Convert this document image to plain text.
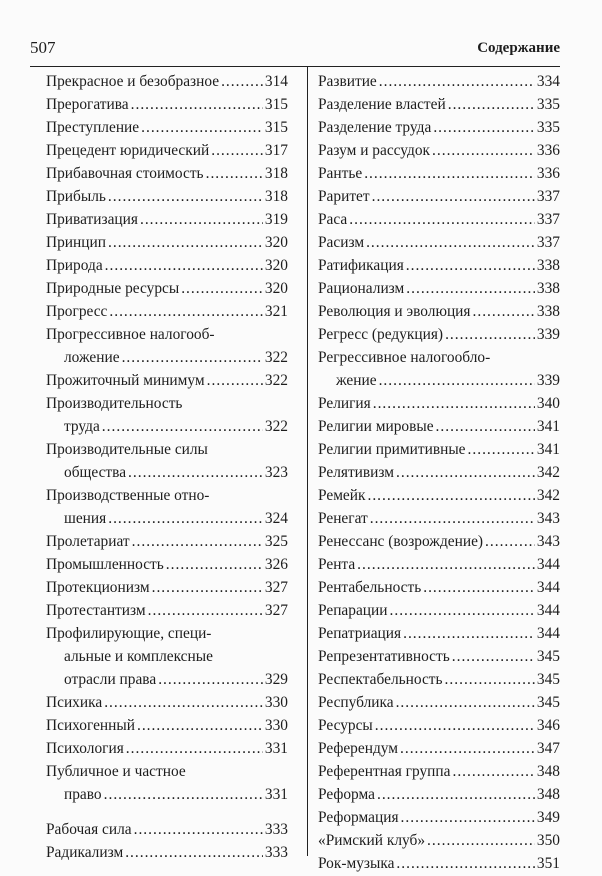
507	Содержание
Прекрасное и безобразное .....	314
Прерогатива .....	315
Преступление .....	315
Прецедент юридический .....	317
Прибавочная стоимость .....	318
Прибыль .....	318
Приватизация .....	319
Принцип .....	320
Природа .....	320
Природные ресурсы .....	320
Прогресс .....	321
Прогрессивное налогооб-
ложение .....	322
Прожиточный минимум .....	322
Производительность
труда .....	322
Производительные силы
общества .....	323
Производственные отно-
шения .....	324
Пролетариат .....	325
Промышленность .....	326
Протекционизм .....	327
Протестантизм .....	327
Профилирующие, специ-
альные и комплексные
отрасли права .....	329
Психика .....	330
Психогенный .....	330
Психология .....	331
Публичное и частное
право .....	331
Рабочая сила .....	333
Радикализм .....	333
Развитие .....	334
Разделение властей .....	335
Разделение труда .....	335
Разум и рассудок .....	336
Рантье .....	336
Раритет .....	337
Раса .....	337
Расизм .....	337
Ратификация .....	338
Рационализм .....	338
Революция и эволюция .....	338
Регресс (редукция) .....	339
Регрессивное налогообло-
жение .....	339
Религия .....	340
Религии мировые .....	341
Религии примитивные .....	341
Релятивизм .....	342
Ремейк .....	342
Ренегат .....	343
Ренессанс (возрождение) .....	343
Рента .....	344
Рентабельность .....	344
Репарации .....	344
Репатриация .....	344
Репрезентативность .....	345
Респектабельность .....	345
Республика .....	345
Ресурсы .....	346
Референдум .....	347
Референтная группа .....	348
Реформа .....	348
Реформация .....	349
«Римский клуб» .....	350
Рок-музыка .....	351
